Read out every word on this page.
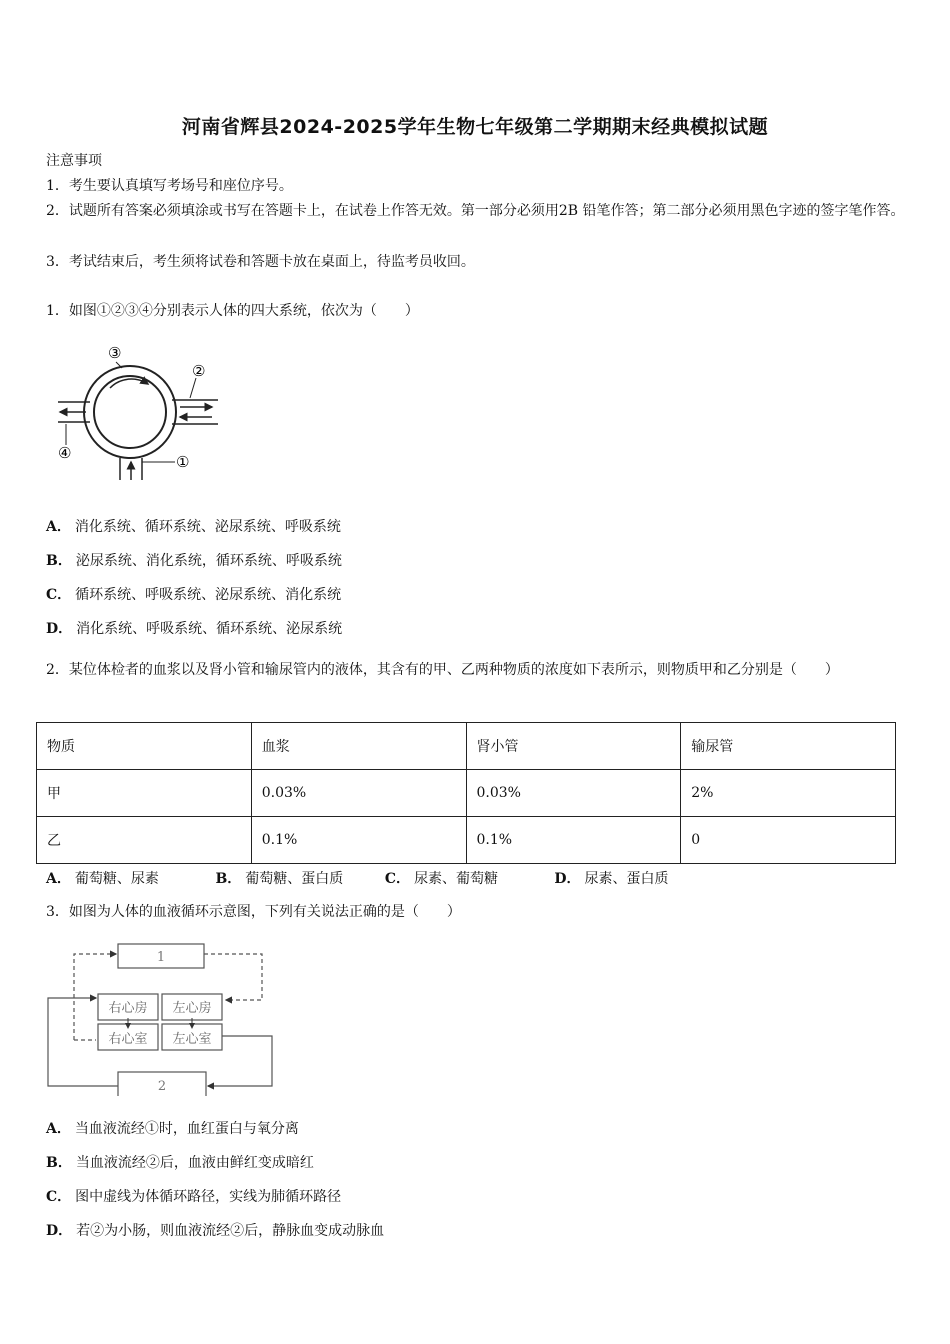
河南省辉县2024-2025学年生物七年级第二学期期末经典模拟试题
注意事项
1．考生要认真填写考场号和座位序号。
2．试题所有答案必须填涂或书写在答题卡上，在试卷上作答无效。第一部分必须用2B 铅笔作答；第二部分必须用黑色字迹的签字笔作答。
3．考试结束后，考生须将试卷和答题卡放在桌面上，待监考员收回。
1．如图①②③④分别表示人体的四大系统，依次为（　　）
③
②
④	①
A． 消化系统、循环系统、泌尿系统、呼吸系统
B． 泌尿系统、消化系统，循环系统、呼吸系统
C． 循环系统、呼吸系统、泌尿系统、消化系统
D． 消化系统、呼吸系统、循环系统、泌尿系统
2．某位体检者的血浆以及肾小管和输尿管内的液体，其含有的甲、乙两种物质的浓度如下表所示，则物质甲和乙分别是（　　）
物质	血浆	肾小管	输尿管
甲	0.03%	0.03%	2%
乙	0.1%	0.1%	0
A． 葡萄糖、尿素	B． 葡萄糖、蛋白质	C． 尿素、葡萄糖	D． 尿素、蛋白质
3．如图为人体的血液循环示意图，下列有关说法正确的是（　　）
1
右心房 左心房
右心室 左心室
2
A． 当血液流经①时，血红蛋白与氧分离
B． 当血液流经②后，血液由鲜红变成暗红
C． 图中虚线为体循环路径，实线为肺循环路径
D． 若②为小肠，则血液流经②后，静脉血变成动脉血
